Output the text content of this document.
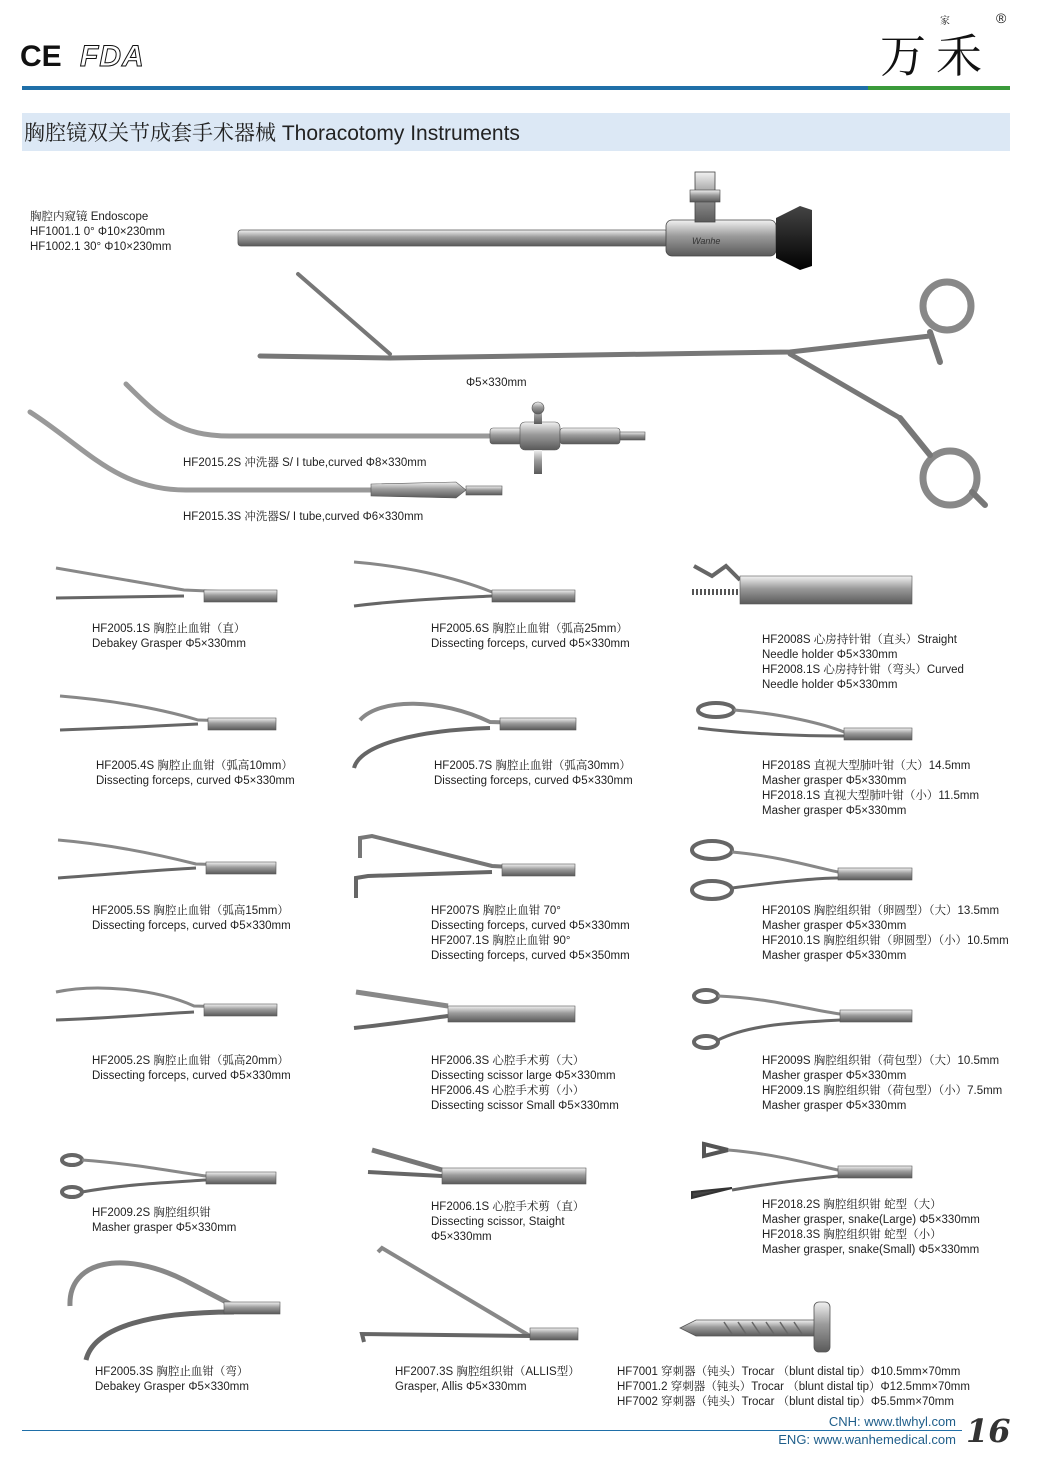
CE FDA	万禾
家	®
胸腔镜双关节成套手术器械 Thoracotomy Instruments
Wanhe
胸腔内窥镜 Endoscope
HF1001.1 0° Φ10×230mm
HF1002.1 30° Φ10×230mm
Φ5×330mm
HF2015.2S 冲洗器 S/ I tube,curved Φ8×330mm
HF2015.3S 冲洗器S/ I tube,curved Φ6×330mm
HF2005.1S 胸腔止血钳（直）
Debakey Grasper Φ5×330mm
HF2005.6S 胸腔止血钳（弧高25mm）
Dissecting forceps, curved Φ5×330mm	HF2008S 心房持针钳（直头）Straight
Needle holder Φ5×330mm
HF2008.1S 心房持针钳（弯头）Curved
Needle holder Φ5×330mm
HF2005.4S 胸腔止血钳（弧高10mm）
Dissecting forceps, curved Φ5×330mm
HF2005.7S 胸腔止血钳（弧高30mm）
Dissecting forceps, curved Φ5×330mm
HF2018S 直视大型肺叶钳（大）14.5mm
Masher grasper Φ5×330mm
HF2018.1S 直视大型肺叶钳（小）11.5mm
Masher grasper Φ5×330mm
HF2005.5S 胸腔止血钳（弧高15mm）
Dissecting forceps, curved Φ5×330mm
HF2007S 胸腔止血钳 70°
Dissecting forceps, curved Φ5×330mm
HF2007.1S 胸腔止血钳 90°
Dissecting forceps, curved Φ5×350mm
HF2010S 胸腔组织钳（卵圆型）（大）13.5mm
Masher grasper Φ5×330mm
HF2010.1S 胸腔组织钳（卵圆型）（小）10.5mm
Masher grasper Φ5×330mm
HF2005.2S 胸腔止血钳（弧高20mm）
Dissecting forceps, curved Φ5×330mm
HF2006.3S 心腔手术剪（大）
Dissecting scissor large Φ5×330mm
HF2006.4S 心腔手术剪（小）
Dissecting scissor Small Φ5×330mm
HF2009S 胸腔组织钳（荷包型）（大）10.5mm
Masher grasper Φ5×330mm
HF2009.1S 胸腔组织钳（荷包型）（小）7.5mm
Masher grasper Φ5×330mm
HF2009.2S 胸腔组织钳
Masher grasper Φ5×330mm
HF2006.1S 心腔手术剪（直）
Dissecting scissor, Staight
Φ5×330mm
HF2018.2S 胸腔组织钳 蛇型（大）
Masher grasper, snake(Large) Φ5×330mm
HF2018.3S 胸腔组织钳 蛇型（小）
Masher grasper, snake(Small) Φ5×330mm
HF2005.3S 胸腔止血钳（弯）
Debakey Grasper Φ5×330mm
HF2007.3S 胸腔组织钳（ALLIS型）
Grasper, Allis Φ5×330mm
HF7001 穿刺器（钝头）Trocar （blunt distal tip）Φ10.5mm×70mm
HF7001.2 穿刺器（钝头）Trocar （blunt distal tip）Φ12.5mm×70mm
HF7002 穿刺器（钝头）Trocar （blunt distal tip）Φ5.5mm×70mm
CNH: www.tlwhyl.com
ENG: www.wanhemedical.com 16
